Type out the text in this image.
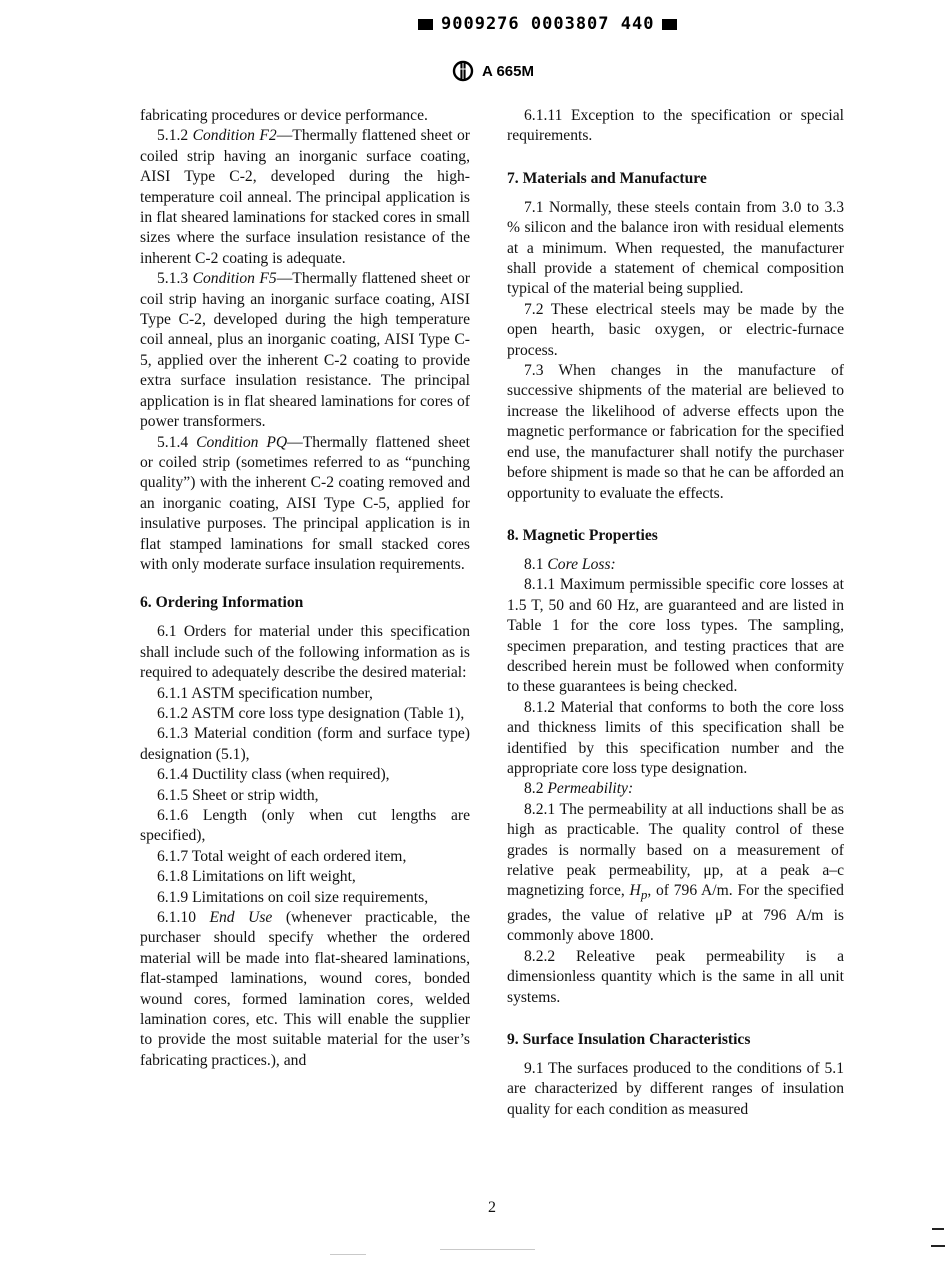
9009276 0003807 440
A 665M

fabricating procedures or device performance.

5.1.2 Condition F2—Thermally flattened sheet or coiled strip having an inorganic surface coating, AISI Type C-2, developed during the high-temperature coil anneal. The principal application is in flat sheared laminations for stacked cores in small sizes where the surface insulation resistance of the inherent C-2 coating is adequate.

5.1.3 Condition F5—Thermally flattened sheet or coil strip having an inorganic surface coating, AISI Type C-2, developed during the high temperature coil anneal, plus an inorganic coating, AISI Type C-5, applied over the inherent C-2 coating to provide extra surface insulation resistance. The principal application is in flat sheared laminations for cores of power transformers.

5.1.4 Condition PQ—Thermally flattened sheet or coiled strip (sometimes referred to as “punching quality”) with the inherent C-2 coating removed and an inorganic coating, AISI Type C-5, applied for insulative purposes. The principal application is in flat stamped laminations for small stacked cores with only moderate surface insulation requirements.

6. Ordering Information

6.1 Orders for material under this specification shall include such of the following information as is required to adequately describe the desired material:

6.1.1 ASTM specification number,

6.1.2 ASTM core loss type designation (Table 1),

6.1.3 Material condition (form and surface type) designation (5.1),

6.1.4 Ductility class (when required),

6.1.5 Sheet or strip width,

6.1.6 Length (only when cut lengths are specified),

6.1.7 Total weight of each ordered item,

6.1.8 Limitations on lift weight,

6.1.9 Limitations on coil size requirements,

6.1.10 End Use (whenever practicable, the purchaser should specify whether the ordered material will be made into flat-sheared laminations, flat-stamped laminations, wound cores, bonded wound cores, formed lamination cores, welded lamination cores, etc. This will enable the supplier to provide the most suitable material for the user’s fabricating practices.), and

6.1.11 Exception to the specification or special requirements.

7. Materials and Manufacture

7.1 Normally, these steels contain from 3.0 to 3.3 % silicon and the balance iron with residual elements at a minimum. When requested, the manufacturer shall provide a statement of chemical composition typical of the material being supplied.

7.2 These electrical steels may be made by the open hearth, basic oxygen, or electric-furnace process.

7.3 When changes in the manufacture of successive shipments of the material are believed to increase the likelihood of adverse effects upon the magnetic performance or fabrication for the specified end use, the manufacturer shall notify the purchaser before shipment is made so that he can be afforded an opportunity to evaluate the effects.

8. Magnetic Properties

8.1 Core Loss:

8.1.1 Maximum permissible specific core losses at 1.5 T, 50 and 60 Hz, are guaranteed and are listed in Table 1 for the core loss types. The sampling, specimen preparation, and testing practices that are described herein must be followed when conformity to these guarantees is being checked.

8.1.2 Material that conforms to both the core loss and thickness limits of this specification shall be identified by this specification number and the appropriate core loss type designation.

8.2 Permeability:

8.2.1 The permeability at all inductions shall be as high as practicable. The quality control of these grades is normally based on a measurement of relative peak permeability, μp, at a peak a–c magnetizing force, $H_p$, of 796 A/m. For the specified grades, the value of relative μP at 796 A/m is commonly above 1800.

8.2.2 Releative peak permeability is a dimensionless quantity which is the same in all unit systems.

9. Surface Insulation Characteristics

9.1 The surfaces produced to the conditions of 5.1 are characterized by different ranges of insulation quality for each condition as measured

2
